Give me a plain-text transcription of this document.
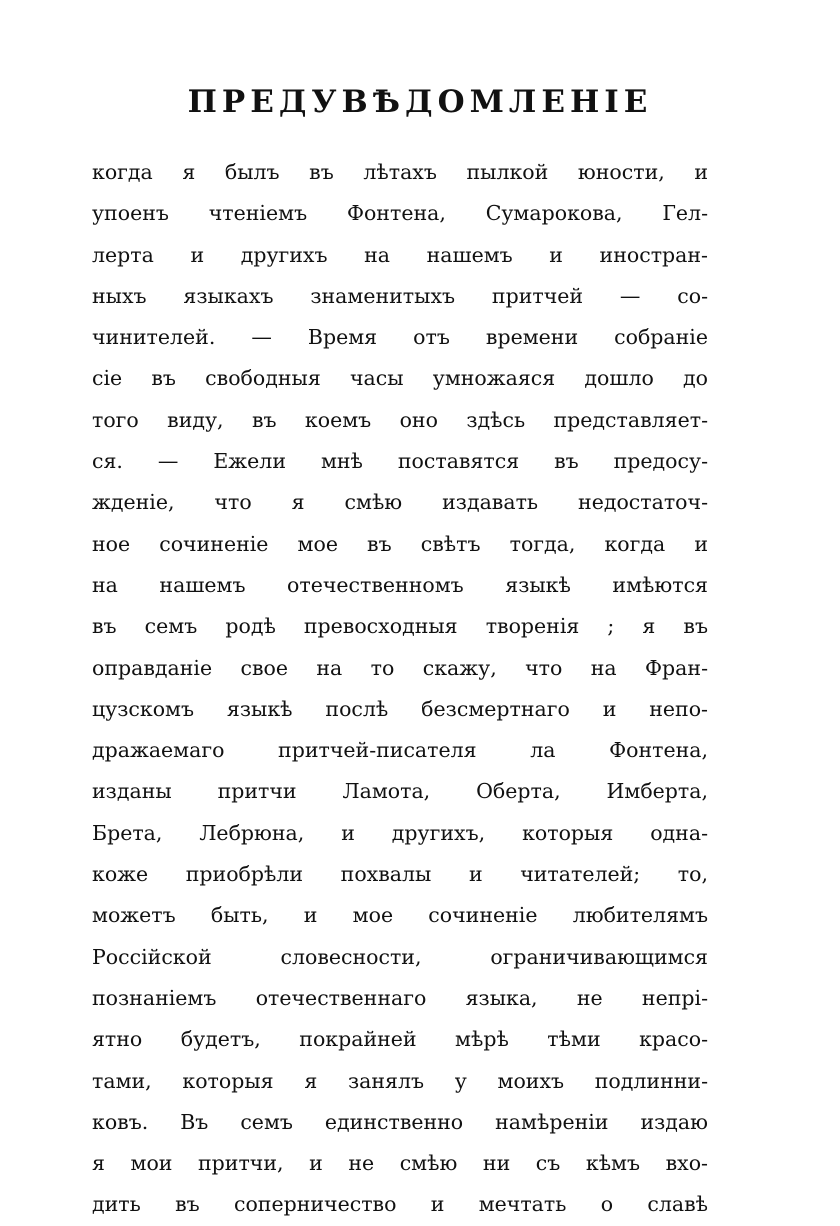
ПРЕДУВѢДОМЛЕНІЕ
когда я былъ въ лѣтахъ пылкой юности, и
упоенъ чтеніемъ Фонтена, Сумарокова, Гел-
лерта и другихъ на нашемъ и иностран-
ныхъ языкахъ знаменитыхъ притчей — со-
чинителей. — Время отъ времени собраніе
сіе въ свободныя часы умножаяся дошло до
того виду, въ коемъ оно здѣсь представляет-
ся. — Ежели мнѣ поставятся въ предосу-
жденіе, что я смѣю издавать недостаточ-
ное сочиненіе мое въ свѣтъ тогда, когда и
на нашемъ отечественномъ языкѣ имѣются
въ семъ родѣ превосходныя творенія ; я въ
оправданіе свое на то скажу, что на Фран-
цузскомъ языкѣ послѣ безсмертнаго и непо-
дражаемаго притчей-писателя ла Фонтена,
изданы притчи Ламота, Оберта, Имберта,
Брета, Лебрюна, и другихъ, которыя одна-
коже приобрѣли похвалы и читателей; то,
можетъ быть, и мое сочиненіе любителямъ
Россійской словесности, ограничивающимся
познаніемъ отечественнаго языка, не непрі-
ятно будетъ, покрайней мѣрѣ тѣми красо-
тами, которыя я занялъ у моихъ подлинни-
ковъ. Въ семъ единственно намѣреніи издаю
я мои притчи, и не смѣю ни съ кѣмъ вхо-
дить въ соперничество и мечтать о славѣ
